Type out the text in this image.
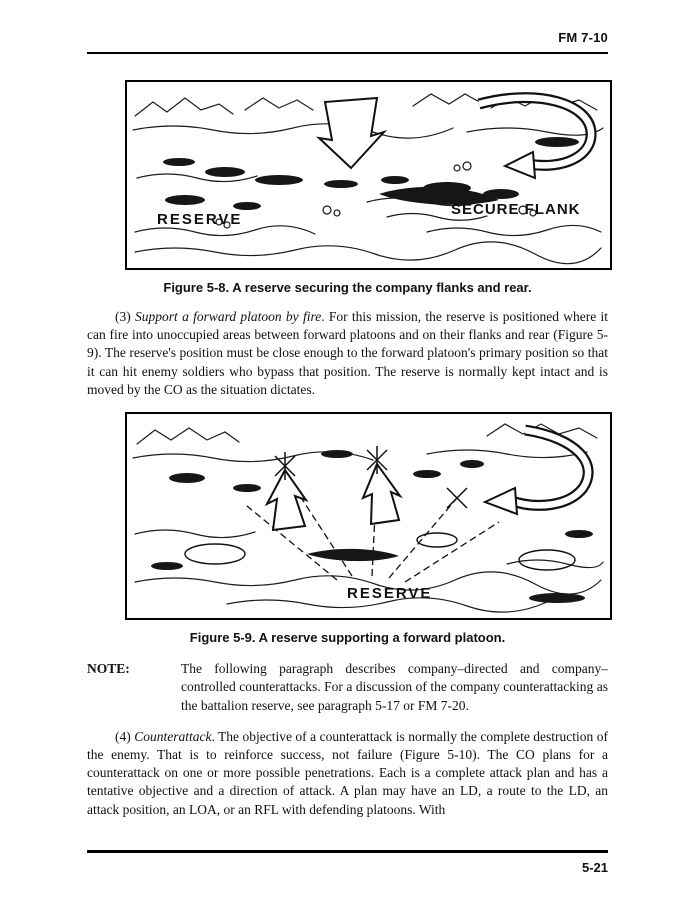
FM 7-10
RESERVE
SECURE FLANK
Figure 5-8. A reserve securing the company flanks and rear.

(3) Support a forward platoon by fire. For this mission, the reserve is positioned where it can fire into unoccupied areas between forward platoons and on their flanks and rear (Figure 5-9). The reserve's position must be close enough to the forward platoon's primary position so that it can hit enemy soldiers who bypass that position. The reserve is normally kept intact and is moved by the CO as the situation dictates.

RESERVE
Figure 5-9. A reserve supporting a forward platoon.
NOTE:	The following paragraph describes company–directed and company–controlled counterattacks. For a discussion of the company counterattacking as the battalion reserve, see paragraph 5-17 or FM 7-20.

(4) Counterattack. The objective of a counterattack is normally the complete destruction of the enemy. That is to reinforce success, not failure (Figure 5-10). The CO plans for a counterattack on one or more possible penetrations. Each is a complete attack plan and has a tentative objective and a direction of attack. A plan may have an LD, a route to the LD, an attack position, an LOA, or an RFL with defending platoons. With

5-21
